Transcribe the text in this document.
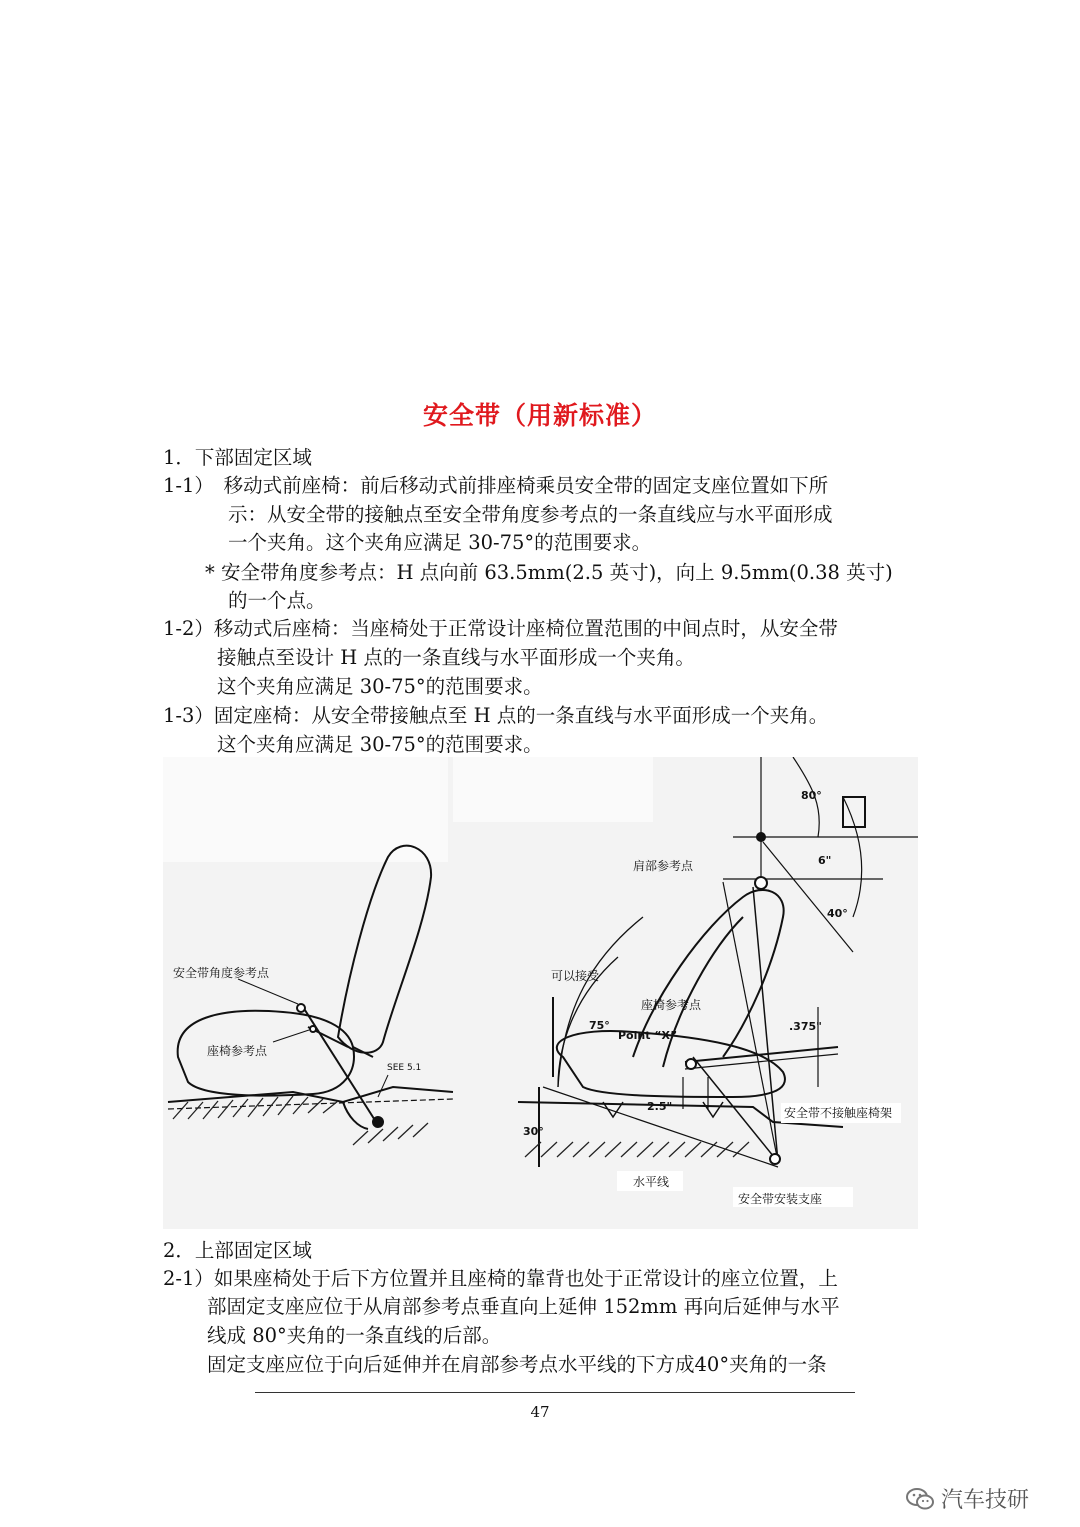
安全带（用新标准）
1．下部固定区域
1-1）　移动式前座椅：前后移动式前排座椅乘员安全带的固定支座位置如下所
示：从安全带的接触点至安全带角度参考点的一条直线应与水平面形成
一个夹角。这个夹角应满足 30-75°的范围要求。
* 安全带角度参考点：H 点向前 63.5mm(2.5 英寸)，向上 9.5mm(0.38 英寸)
的一个点。
1-2）移动式后座椅：当座椅处于正常设计座椅位置范围的中间点时，从安全带
接触点至设计 H 点的一条直线与水平面形成一个夹角。
这个夹角应满足 30-75°的范围要求。
1-3）固定座椅：从安全带接触点至 H 点的一条直线与水平面形成一个夹角。
这个夹角应满足 30-75°的范围要求。
安全带角度参考点
座椅参考点
SEE 5.1
肩部参考点
可以接受
座椅参考点
Point “X”
安全带不接触座椅架
水平线
安全带安装支座
80°
6"
40°
.375"
75°
2.5"
30°
2．上部固定区域
2-1）如果座椅处于后下方位置并且座椅的靠背也处于正常设计的座立位置，上
部固定支座应位于从肩部参考点垂直向上延伸 152mm 再向后延伸与水平
线成 80°夹角的一条直线的后部。
固定支座应位于向后延伸并在肩部参考点水平线的下方成40°夹角的一条
47
汽车技研
